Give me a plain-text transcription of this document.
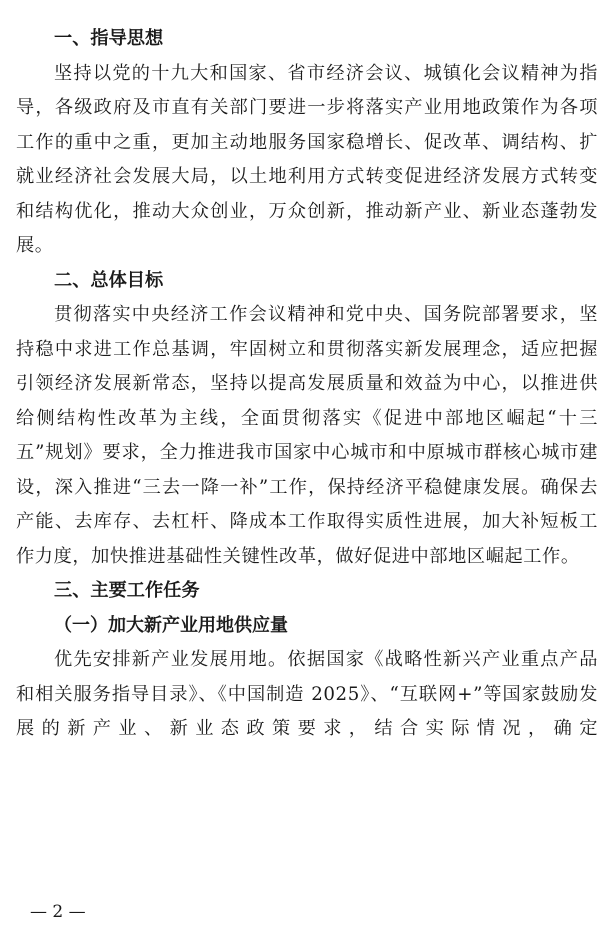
一、指导思想

坚持以党的十九大和国家、省市经济会议、城镇化会议精神为指导，各级政府及市直有关部门要进一步将落实产业用地政策作为各项工作的重中之重，更加主动地服务国家稳增长、促改革、调结构、扩就业经济社会发展大局，以土地利用方式转变促进经济发展方式转变和结构优化，推动大众创业，万众创新，推动新产业、新业态蓬勃发展。

二、总体目标

贯彻落实中央经济工作会议精神和党中央、国务院部署要求，坚持稳中求进工作总基调，牢固树立和贯彻落实新发展理念，适应把握引领经济发展新常态，坚持以提高发展质量和效益为中心，以推进供给侧结构性改革为主线，全面贯彻落实《促进中部地区崛起“十三五”规划》要求，全力推进我市国家中心城市和中原城市群核心城市建设，深入推进“三去一降一补”工作，保持经济平稳健康发展。确保去产能、去库存、去杠杆、降成本工作取得实质性进展，加大补短板工作力度，加快推进基础性关键性改革，做好促进中部地区崛起工作。

三、主要工作任务
（一）加大新产业用地供应量

优先安排新产业发展用地。依据国家《战略性新兴产业重点产品和相关服务指导目录》、《中国制造 2025》、“互联网+”等国家鼓励发展的新产业、新业态政策要求，结合实际情况，确定

— 2 —
